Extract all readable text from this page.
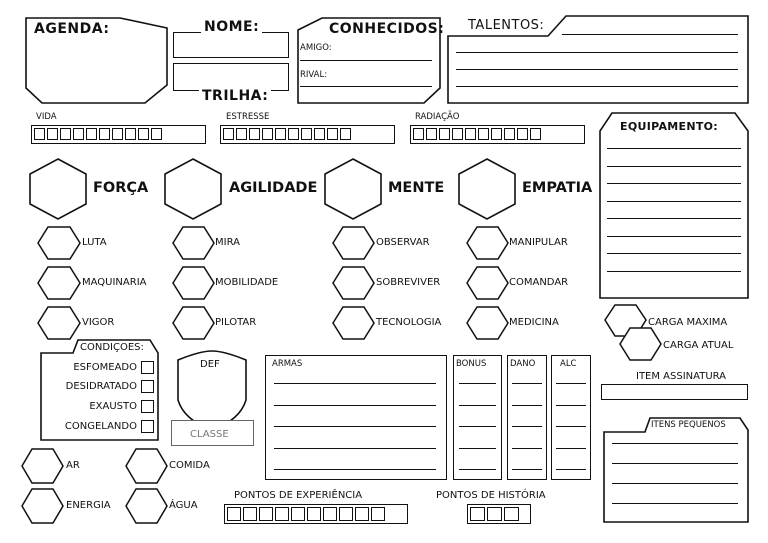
AGENDA:	NOME:
TRILHA:
CONHECIDOS:
AMIGO:
RIVAL:
TALENTOS:
VIDA	ESTRESSE	RADIAÇÃO
FORÇA	AGILIDADE	MENTE	EMPATIA
LUTA
MAQUINARIA
VIGOR
MIRA
MOBILIDADE
PILOTAR
OBSERVAR
SOBREVIVER
TECNOLOGIA
MANIPULAR
COMANDAR
MEDICINA
EQUIPAMENTO:
CARGA MAXIMA
CARGA ATUAL
CONDIÇOES:
ESFOMEADO
DESIDRATADO
EXAUSTO
CONGELANDO
DEF
CLASSE
ARMAS	BONUS	DANO	ALC
ITEM ASSINATURA
ITENS PEQUENOS
AR	COMIDA
ENERGIA	ÁGUA
PONTOS DE EXPERIÊNCIA	PONTOS DE HISTÓRIA
